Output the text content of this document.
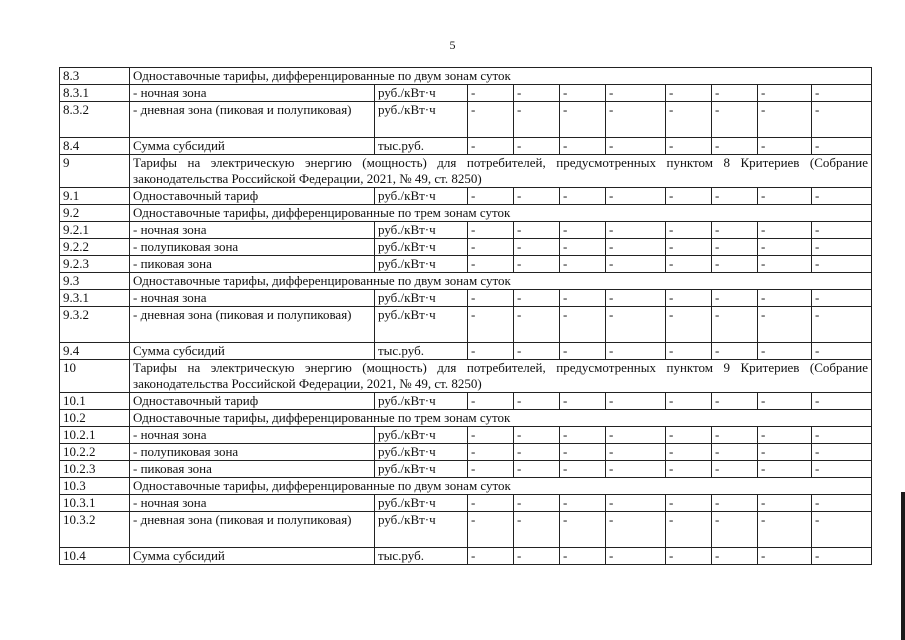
5
8.3	Одноставочные тарифы, дифференцированные по двум зонам суток									
8.3.1	- ночная зона	руб./кВт·ч	-	-	-	-	-	-	-	-
8.3.2	- дневная зона (пиковая и полупиковая)	руб./кВт·ч	-	-	-	-	-	-	-	-
8.4	Сумма субсидий	тыс.руб.	-	-	-	-	-	-	-	-
9	Тарифы на электрическую энергию (мощность) для потребителей, предусмотренных пунктом 8 Критериев (Собрание законодательства Российской Федерации, 2021, № 49, ст. 8250)									
9.1	Одноставочный тариф	руб./кВт·ч	-	-	-	-	-	-	-	-
9.2	Одноставочные тарифы, дифференцированные по трем зонам суток									
9.2.1	- ночная зона	руб./кВт·ч	-	-	-	-	-	-	-	-
9.2.2	- полупиковая зона	руб./кВт·ч	-	-	-	-	-	-	-	-
9.2.3	- пиковая зона	руб./кВт·ч	-	-	-	-	-	-	-	-
9.3	Одноставочные тарифы, дифференцированные по двум зонам суток									
9.3.1	- ночная зона	руб./кВт·ч	-	-	-	-	-	-	-	-
9.3.2	- дневная зона (пиковая и полупиковая)	руб./кВт·ч	-	-	-	-	-	-	-	-
9.4	Сумма субсидий	тыс.руб.	-	-	-	-	-	-	-	-
10	Тарифы на электрическую энергию (мощность) для потребителей, предусмотренных пунктом 9 Критериев (Собрание законодательства Российской Федерации, 2021, № 49, ст. 8250)									
10.1	Одноставочный тариф	руб./кВт·ч	-	-	-	-	-	-	-	-
10.2	Одноставочные тарифы, дифференцированные по трем зонам суток									
10.2.1	- ночная зона	руб./кВт·ч	-	-	-	-	-	-	-	-
10.2.2	- полупиковая зона	руб./кВт·ч	-	-	-	-	-	-	-	-
10.2.3	- пиковая зона	руб./кВт·ч	-	-	-	-	-	-	-	-
10.3	Одноставочные тарифы, дифференцированные по двум зонам суток									
10.3.1	- ночная зона	руб./кВт·ч	-	-	-	-	-	-	-	-
10.3.2	- дневная зона (пиковая и полупиковая)	руб./кВт·ч	-	-	-	-	-	-	-	-
10.4	Сумма субсидий	тыс.руб.	-	-	-	-	-	-	-	-
